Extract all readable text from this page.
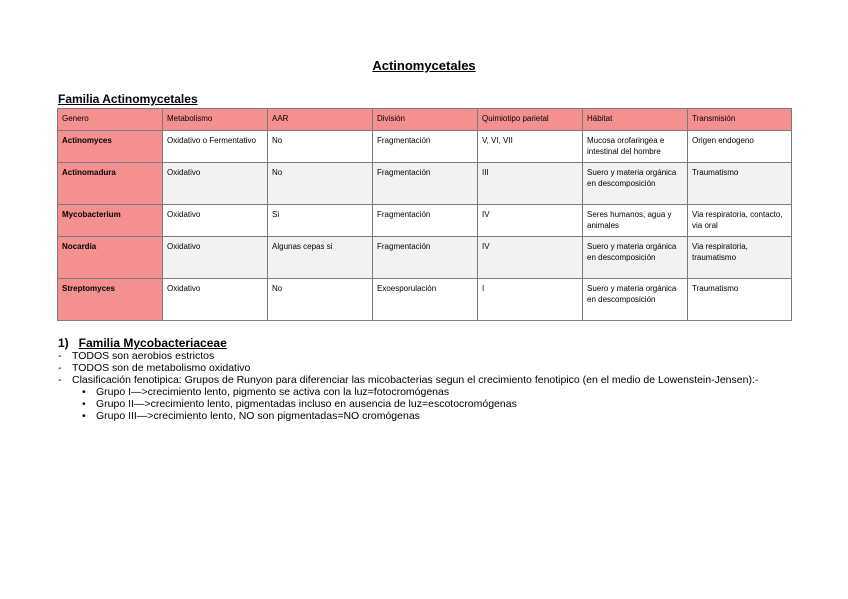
Actinomycetales
Familia Actinomycetales
Genero	Metabolismo	AAR	División	Quimiotipo parietal	Hábitat	Transmisión
Actinomyces	Oxidativo o Fermentativo	No	Fragmentación	V, VI, VII	Mucosa orofaringea e intestinal del hombre	Origen endogeno
Actinomadura	Oxidativo	No	Fragmentación	III	Suero y materia orgánica en descomposición	Traumatismo
Mycobacterium	Oxidativo	Si	Fragmentación	IV	Seres humanos, agua y animales	Via respiratoria, contacto, via oral
Nocardia	Oxidativo	Algunas cepas si	Fragmentación	IV	Suero y materia orgánica en descomposición	Via respiratoria, traumatismo
Streptomyces	Oxidativo	No	Exoesporulación	I	Suero y materia orgánica en descomposición	Traumatismo
1) Familia Mycobacteriaceae
- TODOS son aerobios estrictos
- TODOS son de metabolismo oxidativo
- Clasificación fenotipica: Grupos de Runyon para diferenciar las micobacterias segun el crecimiento fenotipico (en el medio de Lowenstein-Jensen):-
• Grupo I—>crecimiento lento, pigmento se activa con la luz=fotocromógenas
• Grupo II—>crecimiento lento, pigmentadas incluso en ausencia de luz=escotocromógenas
• Grupo III—>crecimiento lento, NO son pigmentadas=NO cromógenas
